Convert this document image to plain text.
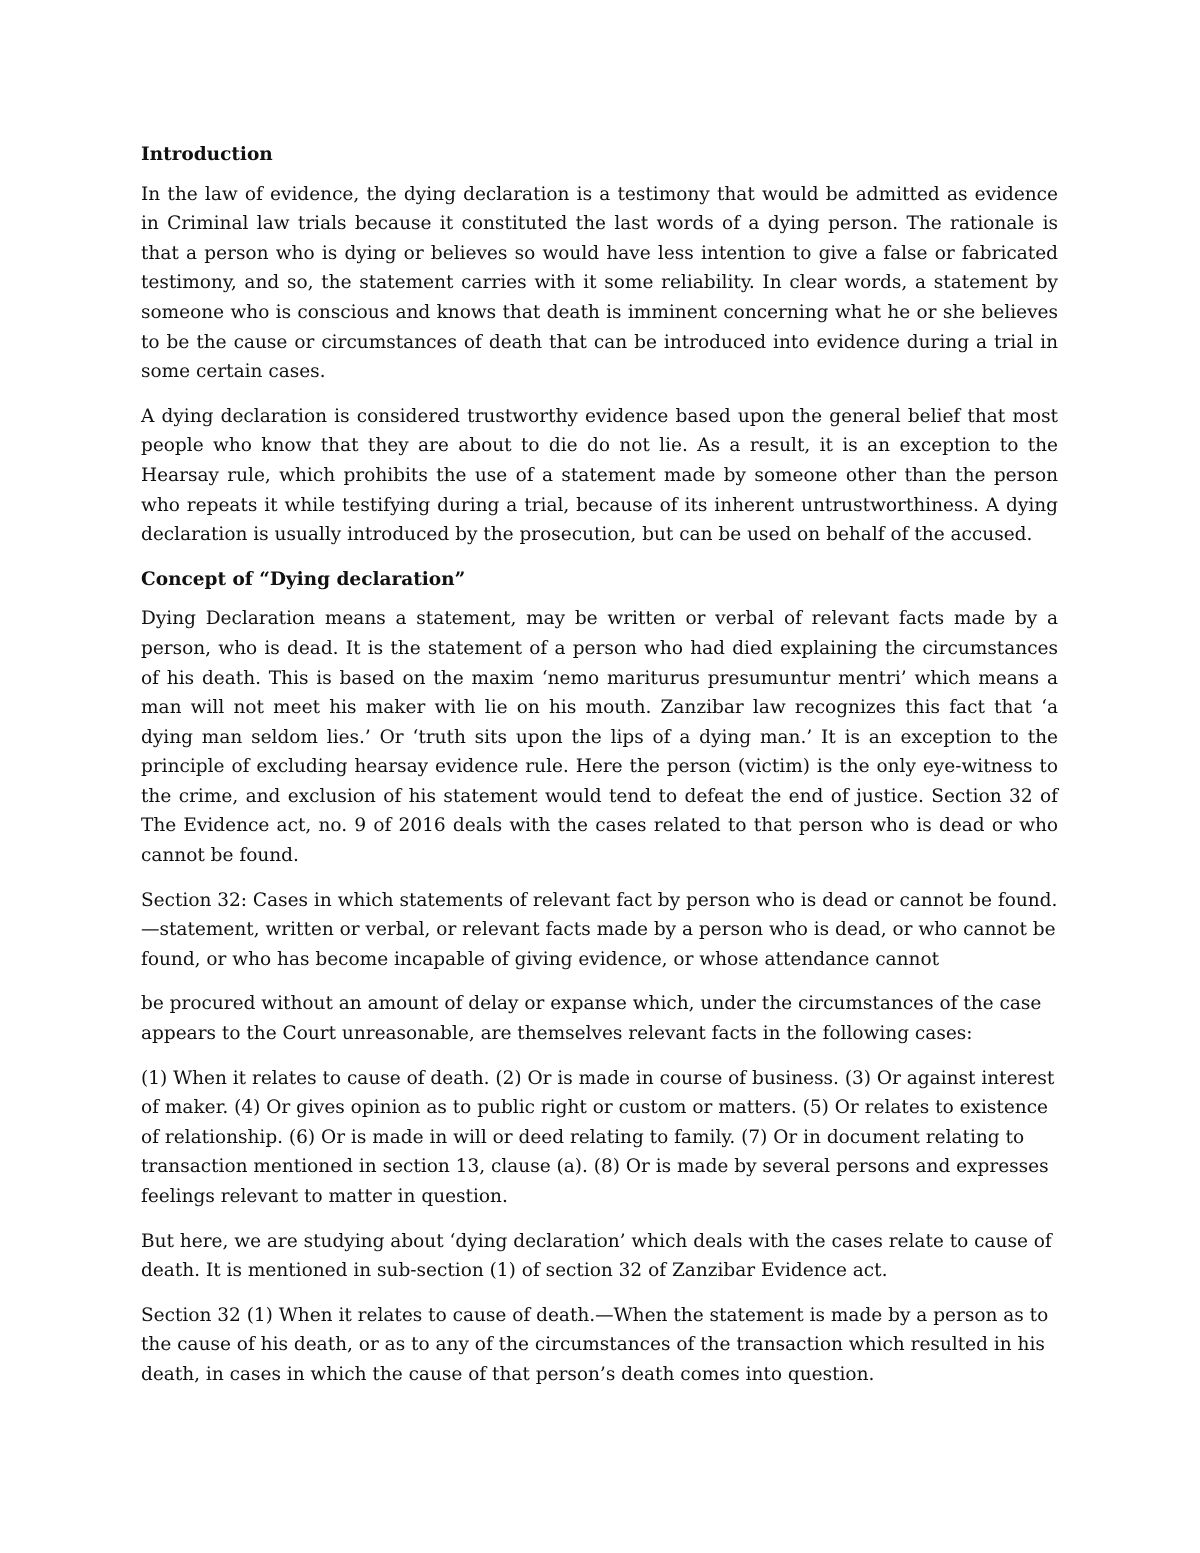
Introduction

In the law of evidence, the dying declaration is a testimony that would be admitted as evidence in Criminal law trials because it constituted the last words of a dying person. The rationale is that a person who is dying or believes so would have less intention to give a false or fabricated testimony, and so, the statement carries with it some reliability. In clear words, a statement by someone who is conscious and knows that death is imminent concerning what he or she believes to be the cause or circumstances of death that can be introduced into evidence during a trial in some certain cases.

A dying declaration is considered trustworthy evidence based upon the general belief that most people who know that they are about to die do not lie. As a result, it is an exception to the Hearsay rule, which prohibits the use of a statement made by someone other than the person who repeats it while testifying during a trial, because of its inherent untrustworthiness. A dying declaration is usually introduced by the prosecution, but can be used on behalf of the accused.

Concept of “Dying declaration”

Dying Declaration means a statement, may be written or verbal of relevant facts made by a person, who is dead. It is the statement of a person who had died explaining the circumstances of his death. This is based on the maxim ‘nemo mariturus presumuntur mentri’ which means a man will not meet his maker with lie on his mouth. Zanzibar law recognizes this fact that ‘a dying man seldom lies.’ Or ‘truth sits upon the lips of a dying man.’ It is an exception to the principle of excluding hearsay evidence rule. Here the person (victim) is the only eye-witness to the crime, and exclusion of his statement would tend to defeat the end of justice. Section 32 of The Evidence act, no. 9 of 2016 deals with the cases related to that person who is dead or who cannot be found.

Section 32: Cases in which statements of relevant fact by person who is dead or cannot be found.—statement, written or verbal, or relevant facts made by a person who is dead, or who cannot be found, or who has become incapable of giving evidence, or whose attendance cannot

be procured without an amount of delay or expanse which, under the circumstances of the case appears to the Court unreasonable, are themselves relevant facts in the following cases:

(1) When it relates to cause of death. (2) Or is made in course of business. (3) Or against interest of maker. (4) Or gives opinion as to public right or custom or matters. (5) Or relates to existence of relationship. (6) Or is made in will or deed relating to family. (7) Or in document relating to transaction mentioned in section 13, clause (a). (8) Or is made by several persons and expresses feelings relevant to matter in question.

But here, we are studying about ‘dying declaration’ which deals with the cases relate to cause of death. It is mentioned in sub-section (1) of section 32 of Zanzibar Evidence act.

Section 32 (1) When it relates to cause of death.—When the statement is made by a person as to the cause of his death, or as to any of the circumstances of the transaction which resulted in his death, in cases in which the cause of that person’s death comes into question.
